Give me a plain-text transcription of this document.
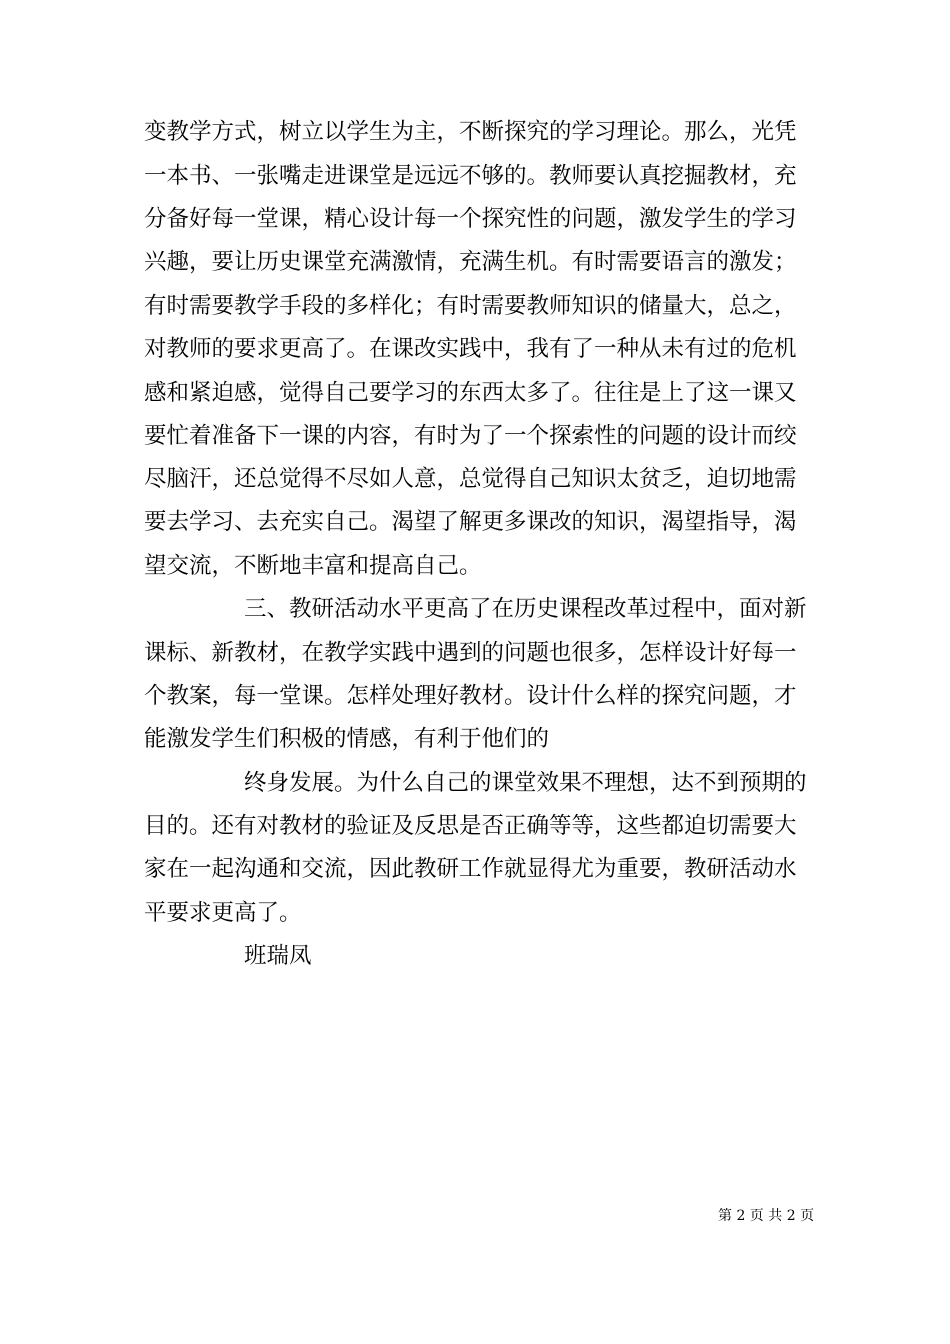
变教学方式，树立以学生为主，不断探究的学习理论。那么，光凭
一本书、一张嘴走进课堂是远远不够的。教师要认真挖掘教材，充
分备好每一堂课，精心设计每一个探究性的问题，激发学生的学习
兴趣，要让历史课堂充满激情，充满生机。有时需要语言的激发；
有时需要教学手段的多样化；有时需要教师知识的储量大，总之，
对教师的要求更高了。在课改实践中，我有了一种从未有过的危机
感和紧迫感，觉得自己要学习的东西太多了。往往是上了这一课又
要忙着准备下一课的内容，有时为了一个探索性的问题的设计而绞
尽脑汗，还总觉得不尽如人意，总觉得自己知识太贫乏，迫切地需
要去学习、去充实自己。渴望了解更多课改的知识，渴望指导，渴
望交流，不断地丰富和提高自己。
三、教研活动水平更高了在历史课程改革过程中，面对新
课标、新教材，在教学实践中遇到的问题也很多，怎样设计好每一
个教案，每一堂课。怎样处理好教材。设计什么样的探究问题，才
能激发学生们积极的情感，有利于他们的
终身发展。为什么自己的课堂效果不理想，达不到预期的
目的。还有对教材的验证及反思是否正确等等，这些都迫切需要大
家在一起沟通和交流，因此教研工作就显得尤为重要，教研活动水
平要求更高了。
班瑞凤
第 2 页 共 2 页
